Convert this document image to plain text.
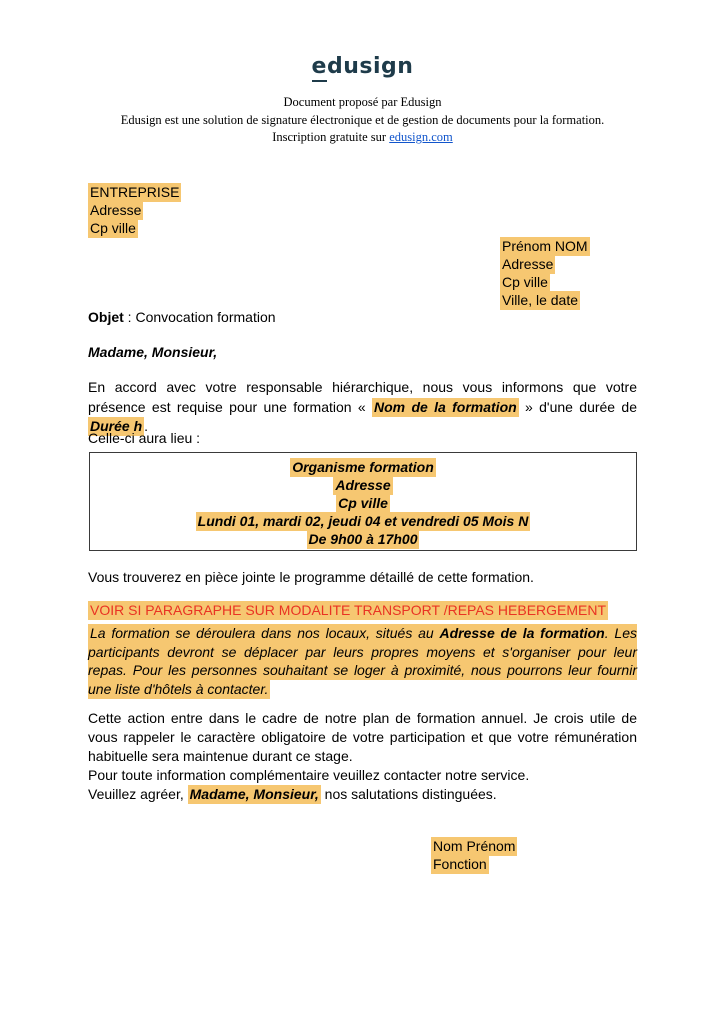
edusign
Document proposé par Edusign
Edusign est une solution de signature électronique et de gestion de documents pour la formation.
Inscription gratuite sur edusign.com
ENTREPRISE
Adresse
Cp ville
Prénom NOM
Adresse
Cp ville
Ville, le date
Objet : Convocation formation
Madame, Monsieur,
En accord avec votre responsable hiérarchique, nous vous informons que votre présence est requise pour une formation « Nom de la formation » d'une durée de Durée h .
Celle-ci aura lieu :
Organisme formation
Adresse
Cp ville
Lundi 01, mardi 02, jeudi 04 et vendredi 05 Mois N
De 9h00 à 17h00
Vous trouverez en pièce jointe le programme détaillé de cette formation.
VOIR SI PARAGRAPHE SUR MODALITE TRANSPORT /REPAS HEBERGEMENT
La formation se déroulera dans nos locaux, situés au Adresse de la formation. Les participants devront se déplacer par leurs propres moyens et s'organiser pour leur repas. Pour les personnes souhaitant se loger à proximité, nous pourrons leur fournir une liste d'hôtels à contacter.
Cette action entre dans le cadre de notre plan de formation annuel. Je crois utile de vous rappeler le caractère obligatoire de votre participation et que votre rémunération habituelle sera maintenue durant ce stage.
Pour toute information complémentaire veuillez contacter notre service.
Veuillez agréer, Madame, Monsieur, nos salutations distinguées.
Nom Prénom
Fonction
